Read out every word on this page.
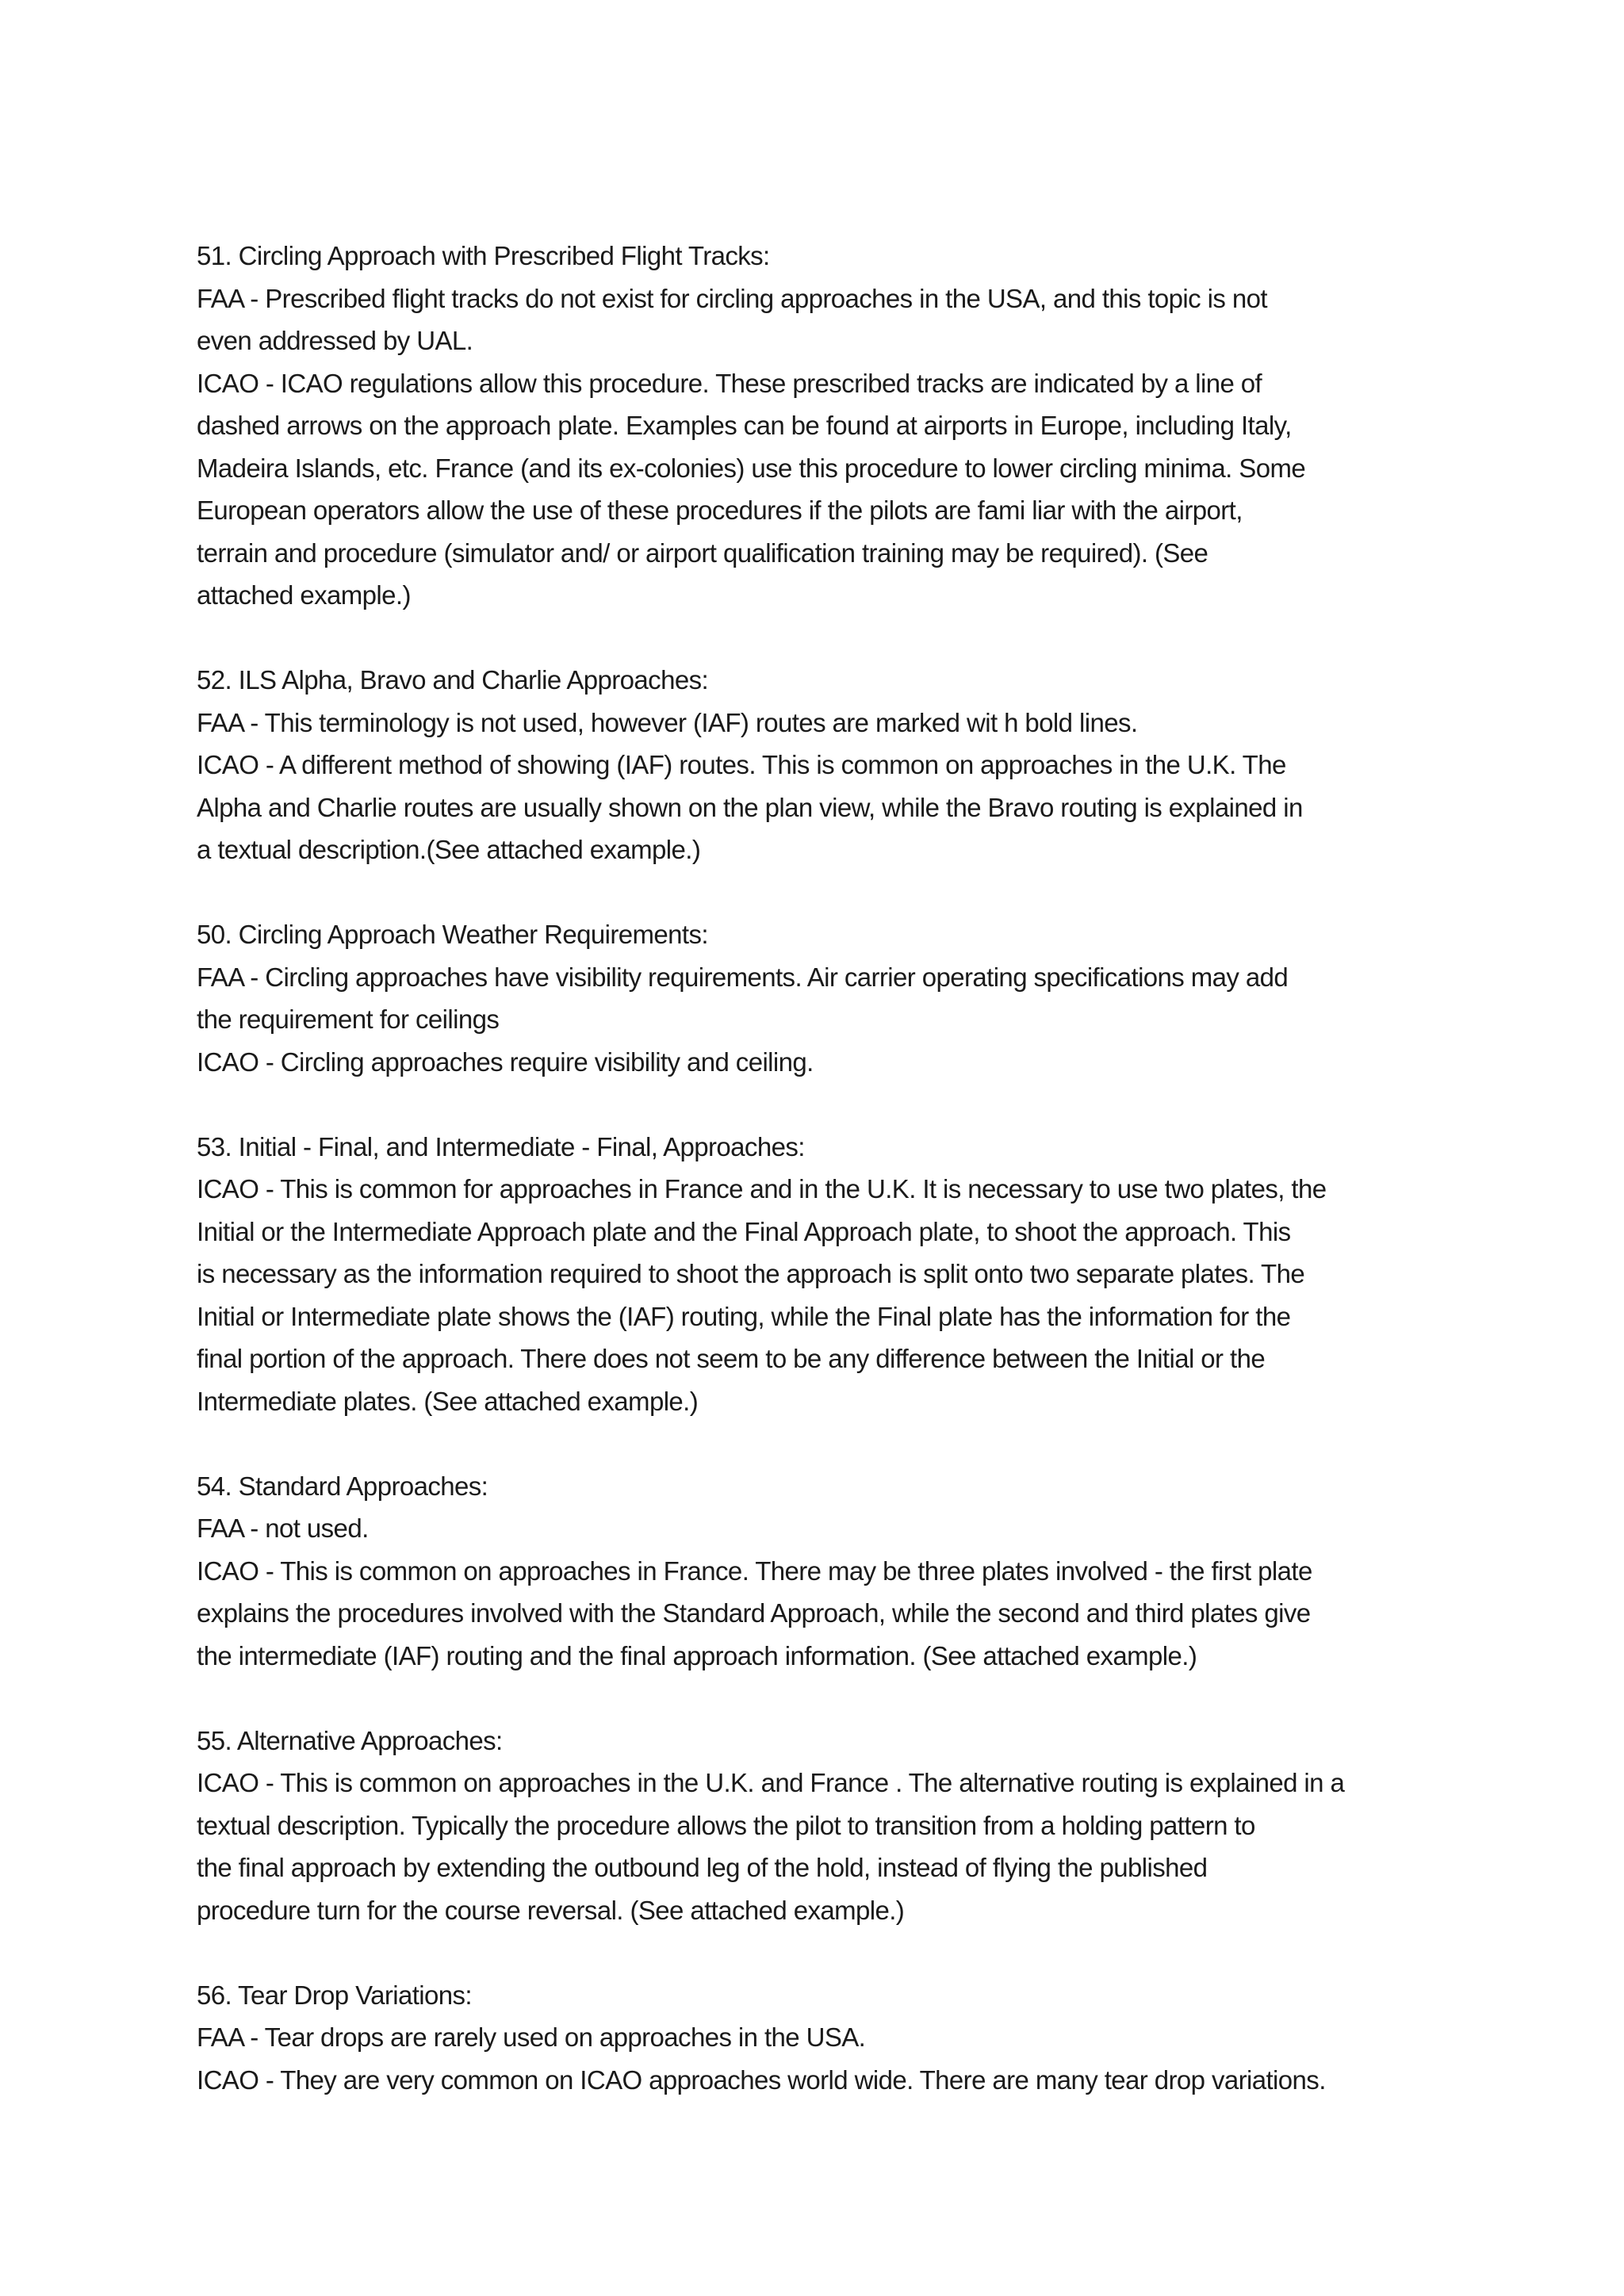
51. Circling Approach with Prescribed Flight Tracks:
FAA - Prescribed flight tracks do not exist for circling approaches in the USA, and this topic is not
even addressed by UAL.
ICAO - ICAO regulations allow this procedure. These prescribed tracks are indicated by a line of
dashed arrows on the approach plate. Examples can be found at airports in Europe, including Italy,
Madeira Islands, etc. France (and its ex-colonies) use this procedure to lower circling minima. Some
European operators allow the use of these procedures if the pilots are fami liar with the airport,
terrain and procedure (simulator and/ or airport qualification training may be required). (See
attached example.)
52. ILS Alpha, Bravo and Charlie Approaches:
FAA - This terminology is not used, however (IAF) routes are marked wit h bold lines.
ICAO - A different method of showing (IAF) routes. This is common on approaches in the U.K. The
Alpha and Charlie routes are usually shown on the plan view, while the Bravo routing is explained in
a textual description.(See attached example.)
50. Circling Approach Weather Requirements:
FAA - Circling approaches have visibility requirements. Air carrier operating specifications may add
the requirement for ceilings
ICAO - Circling approaches require visibility and ceiling.
53. Initial - Final, and Intermediate - Final, Approaches:
ICAO - This is common for approaches in France and in the U.K. It is necessary to use two plates, the
Initial or the Intermediate Approach plate and the Final Approach plate, to shoot the approach. This
is necessary as the information required to shoot the approach is split onto two separate plates. The
Initial or Intermediate plate shows the (IAF) routing, while the Final plate has the information for the
final portion of the approach. There does not seem to be any difference between the Initial or the
Intermediate plates. (See attached example.)
54. Standard Approaches:
FAA - not used.
ICAO - This is common on approaches in France. There may be three plates involved - the first plate
explains the procedures involved with the Standard Approach, while the second and third plates give
the intermediate (IAF) routing and the final approach information. (See attached example.)
55. Alternative Approaches:
ICAO - This is common on approaches in the U.K. and France . The alternative routing is explained in a
textual description. Typically the procedure allows the pilot to transition from a holding pattern to
the final approach by extending the outbound leg of the hold, instead of flying the published
procedure turn for the course reversal. (See attached example.)
56. Tear Drop Variations:
FAA - Tear drops are rarely used on approaches in the USA.
ICAO - They are very common on ICAO approaches world wide. There are many tear drop variations.
